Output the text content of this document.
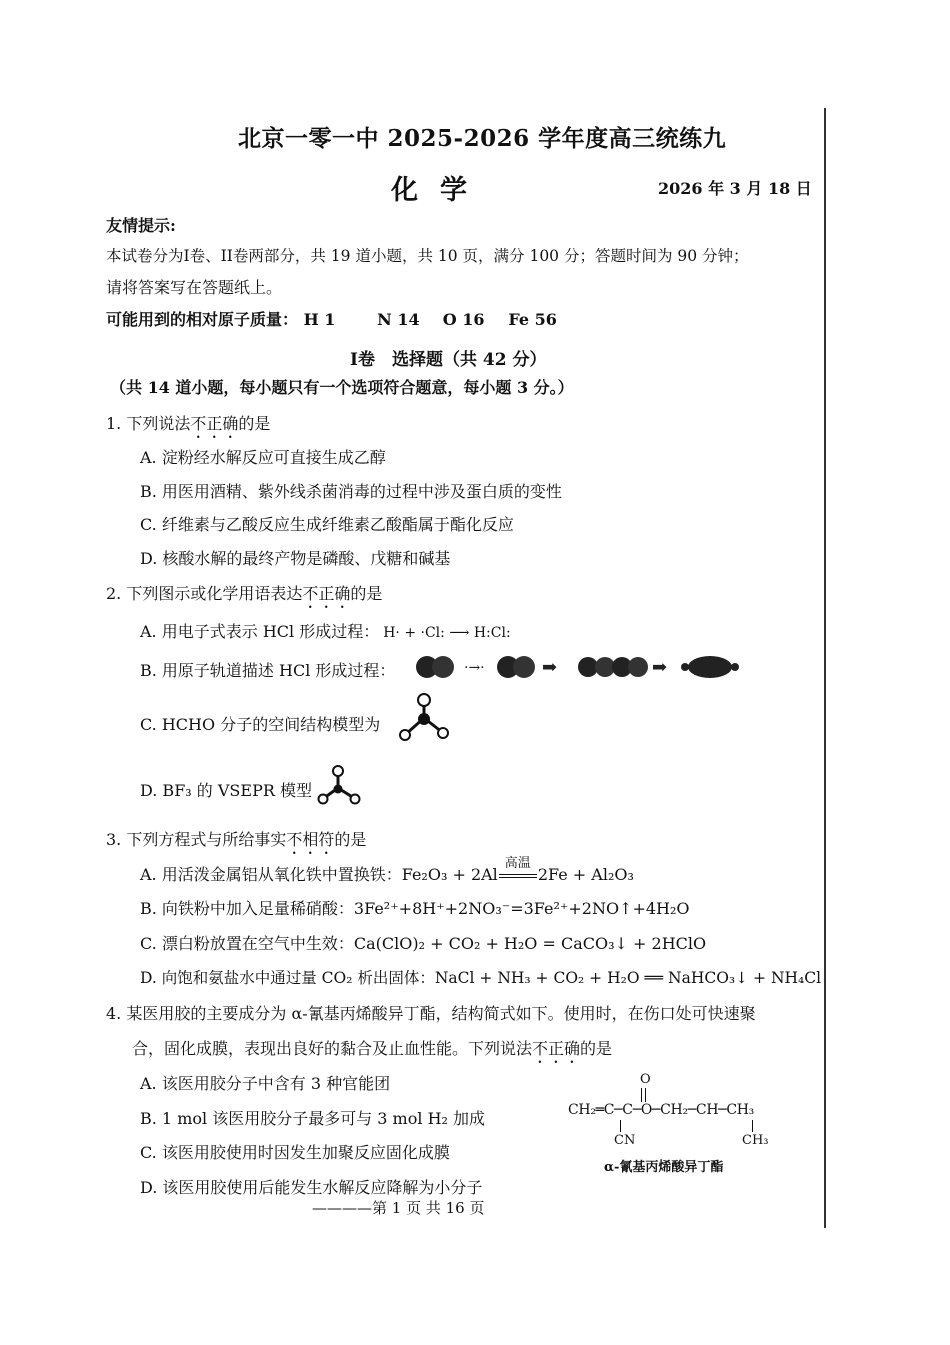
北京一零一中 2025-2026 学年度高三统练九
化学	2026 年 3 月 18 日
友情提示:
本试卷分为I卷、II卷两部分，共 19 道小题，共 10 页，满分 100 分；答题时间为 90 分钟；
请将答案写在答题纸上。
可能用到的相对原子质量： H 1	N 14 O 16 Fe 56
I卷　选择题（共 42 分）
（共 14 道小题，每小题只有一个选项符合题意，每小题 3 分。）
1. 下列说法不正确的是
A. 淀粉经水解反应可直接生成乙醇
B. 用医用酒精、紫外线杀菌消毒的过程中涉及蛋白质的变性
C. 纤维素与乙酸反应生成纤维素乙酸酯属于酯化反应
D. 核酸水解的最终产物是磷酸、戊糖和碱基
2. 下列图示或化学用语表达不正确的是
A. 用电子式表示 HCl 形成过程： H· + ·Cl: ⟶ H:Cl:
B. 用原子轨道描述 HCl 形成过程：	·→·	➡	➡
C. HCHO 分子的空间结构模型为
D. BF₃ 的 VSEPR 模型
3. 下列方程式与所给事实不相符的是
A. 用活泼金属铝从氧化铁中置换铁：Fe₂O₃ + 2Al
高温
2Fe + Al₂O₃
B. 向铁粉中加入足量稀硝酸：3Fe²⁺+8H⁺+2NO₃⁻=3Fe²⁺+2NO↑+4H₂O
C. 漂白粉放置在空气中生效：Ca(ClO)₂ + CO₂ + H₂O = CaCO₃↓ + 2HClO
D. 向饱和氨盐水中通过量 CO₂ 析出固体：NaCl + NH₃ + CO₂ + H₂O ══ NaHCO₃↓ + NH₄Cl
4. 某医用胶的主要成分为 α-氰基丙烯酸异丁酯，结构简式如下。使用时，在伤口处可快速聚
合，固化成膜，表现出良好的黏合及止血性能。下列说法不正确的是
A. 该医用胶分子中含有 3 种官能团
B. 1 mol 该医用胶分子最多可与 3 mol H₂ 加成
C. 该医用胶使用时因发生加聚反应固化成膜
D. 该医用胶使用后能发生水解反应降解为小分子
O
CH₂═C─C─O─CH₂─CH─CH₃
CN	CH₃
α-氰基丙烯酸异丁酯
————第 1 页 共 16 页
